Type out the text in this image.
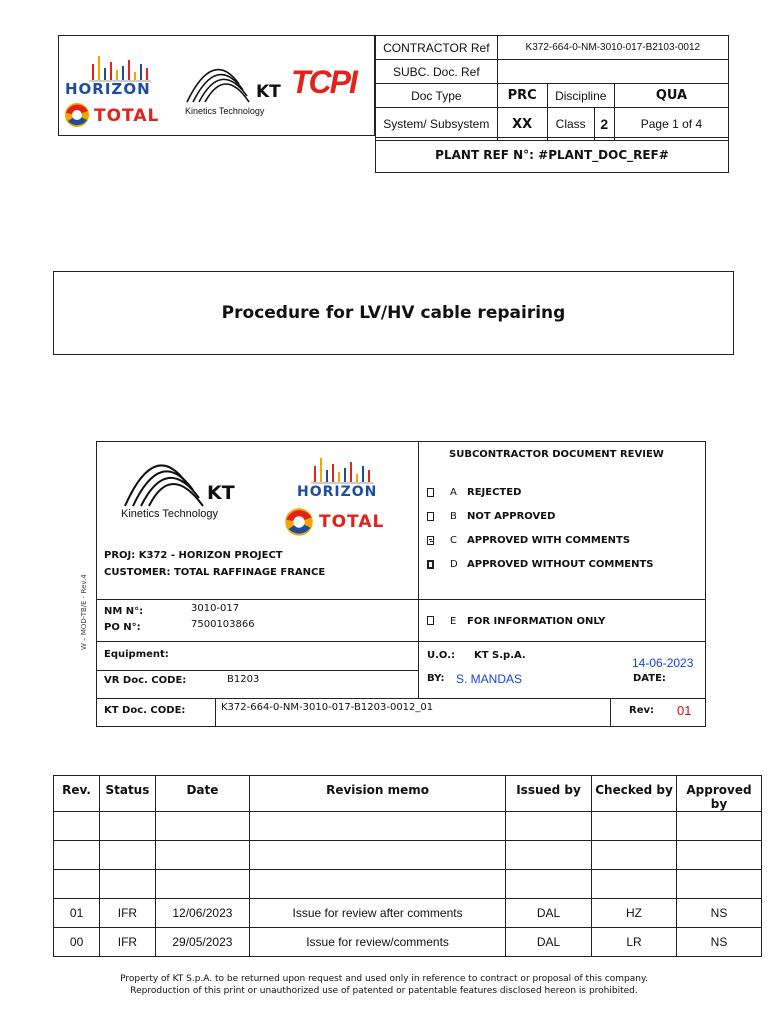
HORIZON
TOTAL
KT
Kinetics Technology
TCPI
CONTRACTOR Ref	K372-664-0-NM-3010-017-B2103-0012			
SUBC. Doc. Ref				
Doc Type	PRC	Discipline		QUA
System/ Subsystem	XX	Class	2	Page 1 of 4
PLANT REF N°: #PLANT_DOC_REF#
Procedure for LV/HV cable repairing
W – MOD-TB/E - Rev.4
KT
Kinetics Technology
HORIZON
TOTAL
PROJ: K372 - HORIZON PROJECT
CUSTOMER: TOTAL RAFFINAGE FRANCE
SUBCONTRACTOR DOCUMENT REVIEW
A REJECTED
B NOT APPROVED
C APPROVED WITH COMMENTS
D APPROVED WITHOUT COMMENTS
NM N°:	3010-017
PO N°:	7500103866	E FOR INFORMATION ONLY
Equipment:
VR Doc. CODE:	B1203
U.O.: KT S.p.A.
14-06-2023
BY: S. MANDAS	DATE:
KT Doc. CODE:	K372-664-0-NM-3010-017-B1203-0012_01	Rev: 01
Rev.	Status	Date	Revision memo	Issued by	Checked by	Approved by

01	IFR	12/06/2023	Issue for review after comments	DAL	HZ	NS
00	IFR	29/05/2023	Issue for review/comments	DAL	LR	NS
Property of KT S.p.A. to be returned upon request and used only in reference to contract or proposal of this company.
Reproduction of this print or unauthorized use of patented or patentable features disclosed hereon is prohibited.
